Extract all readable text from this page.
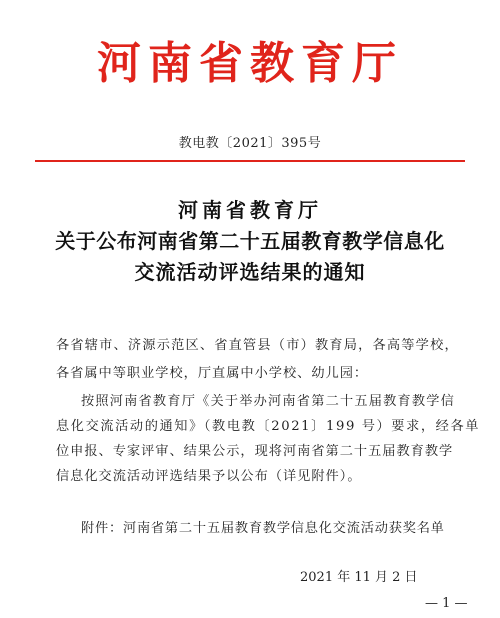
河南省教育厅
教电教〔2021〕395号
河南省教育厅
关于公布河南省第二十五届教育教学信息化
交流活动评选结果的通知
各省辖市、济源示范区、省直管县（市）教育局，各高等学校，
各省属中等职业学校，厅直属中小学校、幼儿园：
按照河南省教育厅《关于举办河南省第二十五届教育教学信
息化交流活动的通知》（教电教〔2021〕199 号）要求，经各单
位申报、专家评审、结果公示，现将河南省第二十五届教育教学
信息化交流活动评选结果予以公布（详见附件）。
附件：河南省第二十五届教育教学信息化交流活动获奖名单
2021 年 11 月 2 日
— 1 —
